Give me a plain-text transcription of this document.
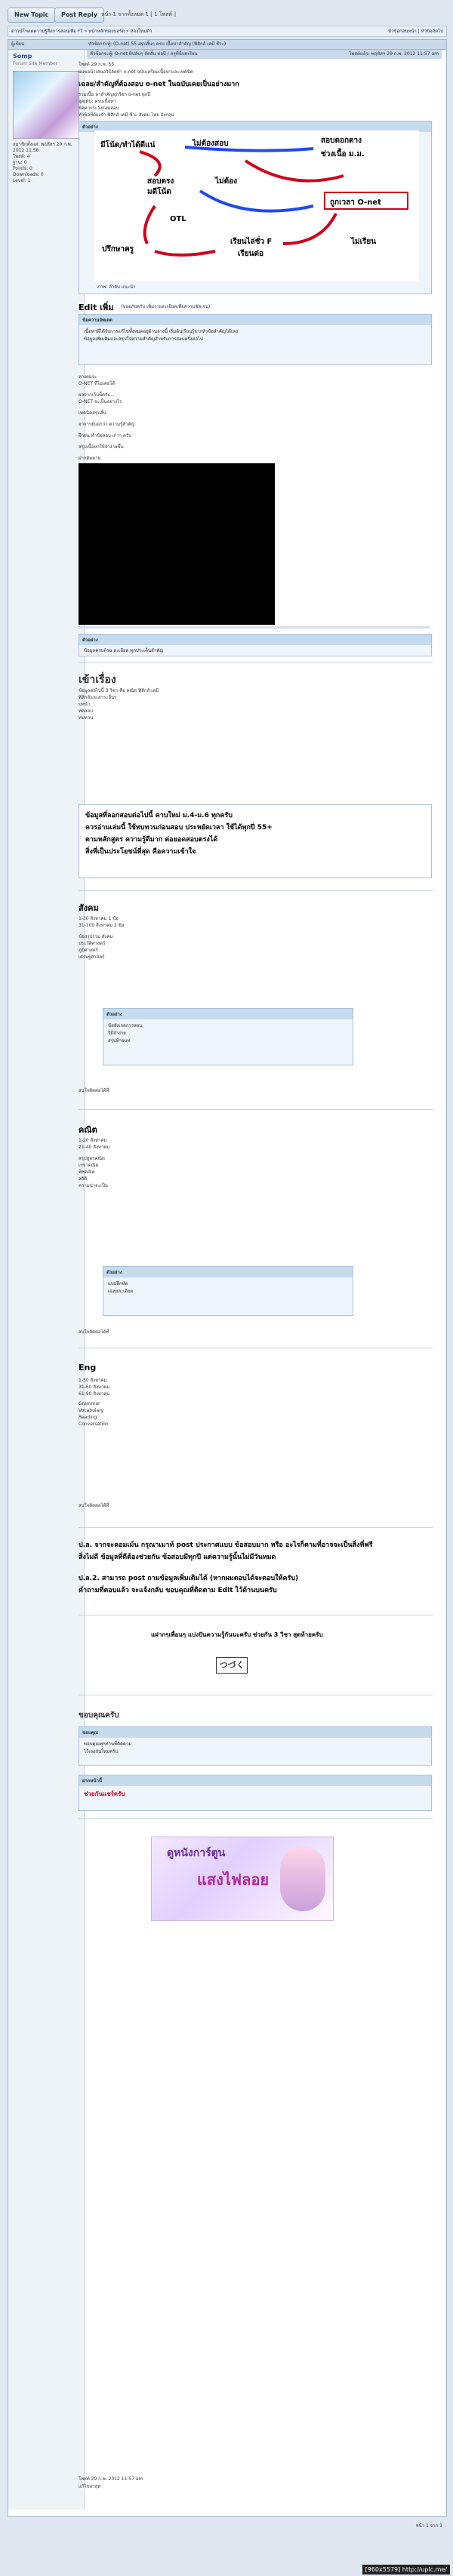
New Topic	Post Reply หน้า 1 จากทั้งหมด 1 [ 1 โพสต์ ]
ดาวน์โหลดความรู้สื่อการสอนเพื่อ FT » หน้าหลักของบอร์ด » ห้องใหม่ตัว	หัวข้อก่อนหน้า | หัวข้อถัดไป
ผู้เขียน	หัวข้อกระทู้: (O-net) 55 สรุปสั้นๆ ครบ เนื้อหาสำคัญ (ฟิสิกส์ เคมี ชีวะ)
Somp
Forum Site Member
สมาชิกตั้งแต่: พฤหัสฯ 29 ก.พ. 2012 11:58
โพสต์: 4
ฐาน: 0
Points: 0
Downloads: 0
Level: 1
หัวข้อกระทู้: O-net ทิปลับๆ ลัดสั้น ต่อปี / ครูที่นี่บทเรียน	โพสต์แล้ว: พฤหัสฯ 29 ก.พ. 2012 11:57 am
โพสต์ 29 ก.พ. 55
ผมขอนำเสนอวิธีลัดทำ o-net ฉบับเตรียมเนื้อหาและเทคนิค
เฉลย/สำคัญที่ต้องสอบ o-net ในฉบับเคยเป็นอย่างมาก
รวมเนื้อ หาสำคัญทุกวิชา o-net ทุกปี
จุดเด่น: ครบเนื้อหา
ข้อควรระวังก่อนสอบ
หัวข้อที่ต้องจำ ฟิสิกส์ เคมี ชีวะ สังคม ไทย อังกฤษ
ตัวอย่าง
มีโน้ต/ทำได้ดีแน่	ไม่ต้องสอบ	สอบตอกตาง
ช่วงเนื้อ ม.ม.
สอบตรง	ไม่ต้อง
มดีโน้ต
ถูกเวลา O-net
OTL
ปรึกษาครู
เรียนไล่ชั่ว F
เรียนต่อ
ไม่เรียน
ภาพ: ลำดับ แนะนำ
Edit เพิ่ม (ขออภัยครับ เพิ่มรายละเอียดเพื่อความชัดเจน)
ข้อความอัพเดต
เนื้อหาที่ได้รับการแก้ไขทั้งหมดอยู่ด้านล่างนี้ เริ่มต้นเรียนรู้จากหัวข้อสำคัญได้เลย
ข้อมูลเพิ่มเติมและสรุปใจความสำคัญสำหรับการสอบครั้งต่อไป
ทางผมจะ
O-NET ที่ไม่เคยได้
ผลจากเว็บนี้ครับ...
O-NET จะเป็นอย่างไร
เทคนิคสรุปสั้น
อาจารย์บอกว่า ความรู้สำคัญ
ฝึกฝน ทำข้อสอบ เก่าๆ ครับ
สรุปเนื้อหาให้จำง่ายขึ้น
ฝากติดตาม
ตัวอย่าง
ข้อมูลครบถ้วน ละเอียด ทุกประเด็นสำคัญ
เข้าเรื่อง
ข้อมูลต่อไปนี้ 3 วิชา คือ คณิต ฟิสิกส์ เคมี
ฟิสิกส์และสาระอื่นๆ
บทนำ
ทดสอบ
ทบทวน
ข้อมูลที่ลอกสอบต่อไปนี้ คาบใหม่ ม.4-ม.6 ทุกครับ
ควรอ่านเล่มนี้ ใช้ทบทวนก่อนสอบ ประหยัดเวลา ใช้ได้ทุกปี 55+
ตามหลักสูตร ความรู้ดีมาก ต่อยอดสอบตรงได้
สิ่งที่เป็นประโยชน์ที่สุด คือความเข้าใจ
สังคม
1-30 สิงหาคม 1 ข้อ
31-100 สิงหาคม 2 ข้อ
ข้อสรุปรวม สังคม
ประวัติศาสตร์
ภูมิศาสตร์
เศรษฐศาสตร์
ตัวอย่าง
ข้อสังเกตการสอบ
วิธีจำง่าย
สรุปท้ายบท
สนใจติดต่อได้ที่
คณิต
1-20 สิงหาคม
21-40 สิงหาคม
สรุปสูตรคณิต
เรขาคณิต
พีชคณิต
สถิติ
ความน่าจะเป็น
ตัวอย่าง
แบบฝึกหัด
เฉลยละเอียด
สนใจติดต่อได้ที่
Eng
1-30 สิงหาคม
31-60 สิงหาคม
61-90 สิงหาคม
Grammar
Vocabulary
Reading
Conversation
สนใจติดต่อได้ที่
ป.ล. จากจะคอมเม้น กรุณาเมาท์ post ประกาศแบบ ข้อสอบมาก หรือ อะไรก็ตามที่อาจจะเป็นสิ่งที่ฟรี
สิ่งไม่ดี ข้อมูลที่ดีต้องช่วยกัน ข้อสอบมีทุกปี แต่ความรู้นั้นไม่มีวันหมด
ป.ล.2. สามารถ post ถามข้อมูลเพิ่มเติมได้ (หากผมตอบได้จะตอบให้ครับ)
คำถามที่ตอบแล้ว จะแจ้งกลับ ขอบคุณที่ติดตาม Edit ไว้ด้านบนครับ
แฝากๆเพื่อนๆ แบ่งปันความรู้กันนะครับ ช่วยกัน 3 วิชา สุดท้ายครับ
つづく
ขอบคุณครับ
ขอบคุณ
ขอบคุณทุกท่านที่ติดตาม
ไว้เจอกันใหม่ครับ
ฝากหน้านี้
ช่วยกันแชร์ครับ
ดูหนังการ์ตูน
แสงไฟลอย
โพสต์ 29 ก.พ. 2012 11:57 am
แก้ไขล่าสุด
หน้า 1 จาก 1
[960x5579] http://upic.me/
